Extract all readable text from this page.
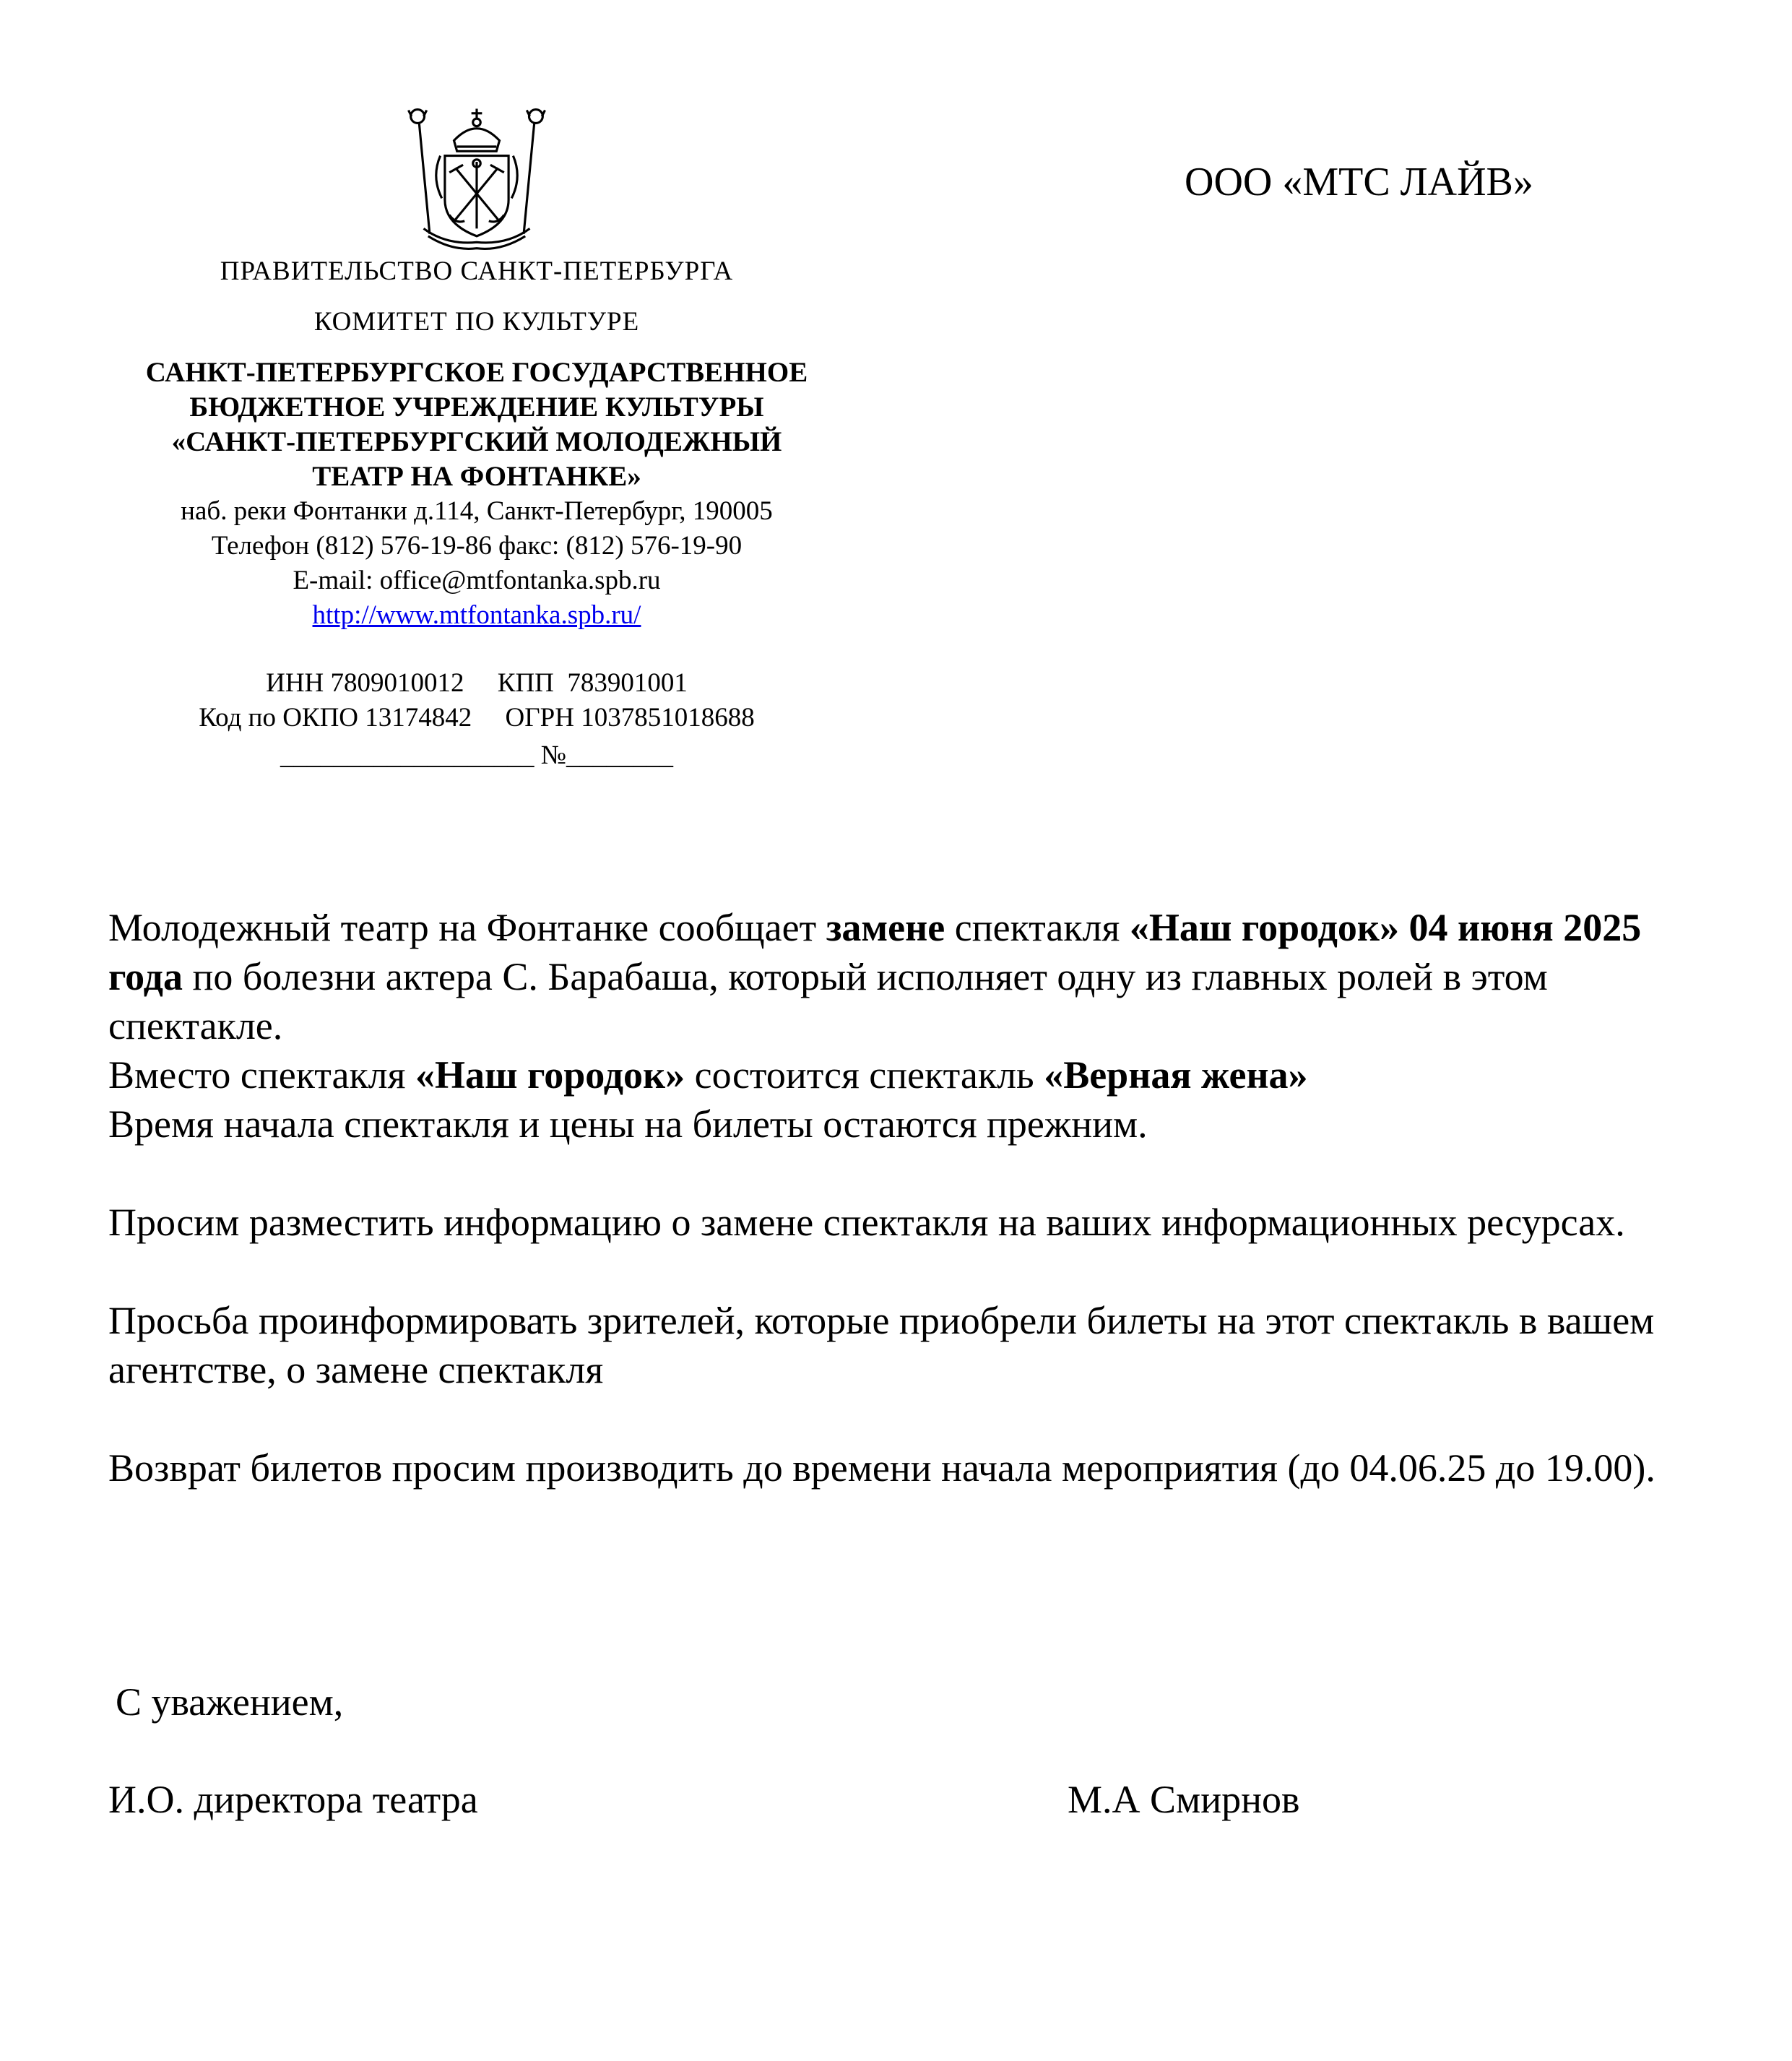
ПРАВИТЕЛЬСТВО САНКТ-ПЕТЕРБУРГА
КОМИТЕТ ПО КУЛЬТУРЕ
САНКТ-ПЕТЕРБУРГСКОЕ ГОСУДАРСТВЕННОЕ
БЮДЖЕТНОЕ УЧРЕЖДЕНИЕ КУЛЬТУРЫ
«САНКТ-ПЕТЕРБУРГСКИЙ МОЛОДЕЖНЫЙ
ТЕАТР НА ФОНТАНКЕ»
наб. реки Фонтанки д.114, Санкт-Петербург, 190005
Телефон (812) 576-19-86 факс: (812) 576-19-90
E-mail: office@mtfontanka.spb.ru
http://www.mtfontanka.spb.ru/
ИНН 7809010012     КПП  783901001
Код по ОКПО 13174842     ОГРН 1037851018688
___________________ №________
ООО «МТС ЛАЙВ»

Молодежный театр на Фонтанке сообщает замене спектакля «Наш городок» 04 июня 2025 года по болезни актера С. Барабаша, который исполняет одну из главных ролей в этом спектакле.

Вместо спектакля «Наш городок» состоится спектакль «Верная жена»

Время начала спектакля и цены на билеты остаются прежним.

Просим разместить информацию о замене спектакля на ваших информационных ресурсах.

Просьба проинформировать зрителей, которые приобрели билеты на этот спектакль в вашем агентстве, о замене спектакля

Возврат билетов просим производить до времени начала мероприятия (до 04.06.25 до 19.00).

С уважением,
И.О. директора театра	М.А Смирнов
